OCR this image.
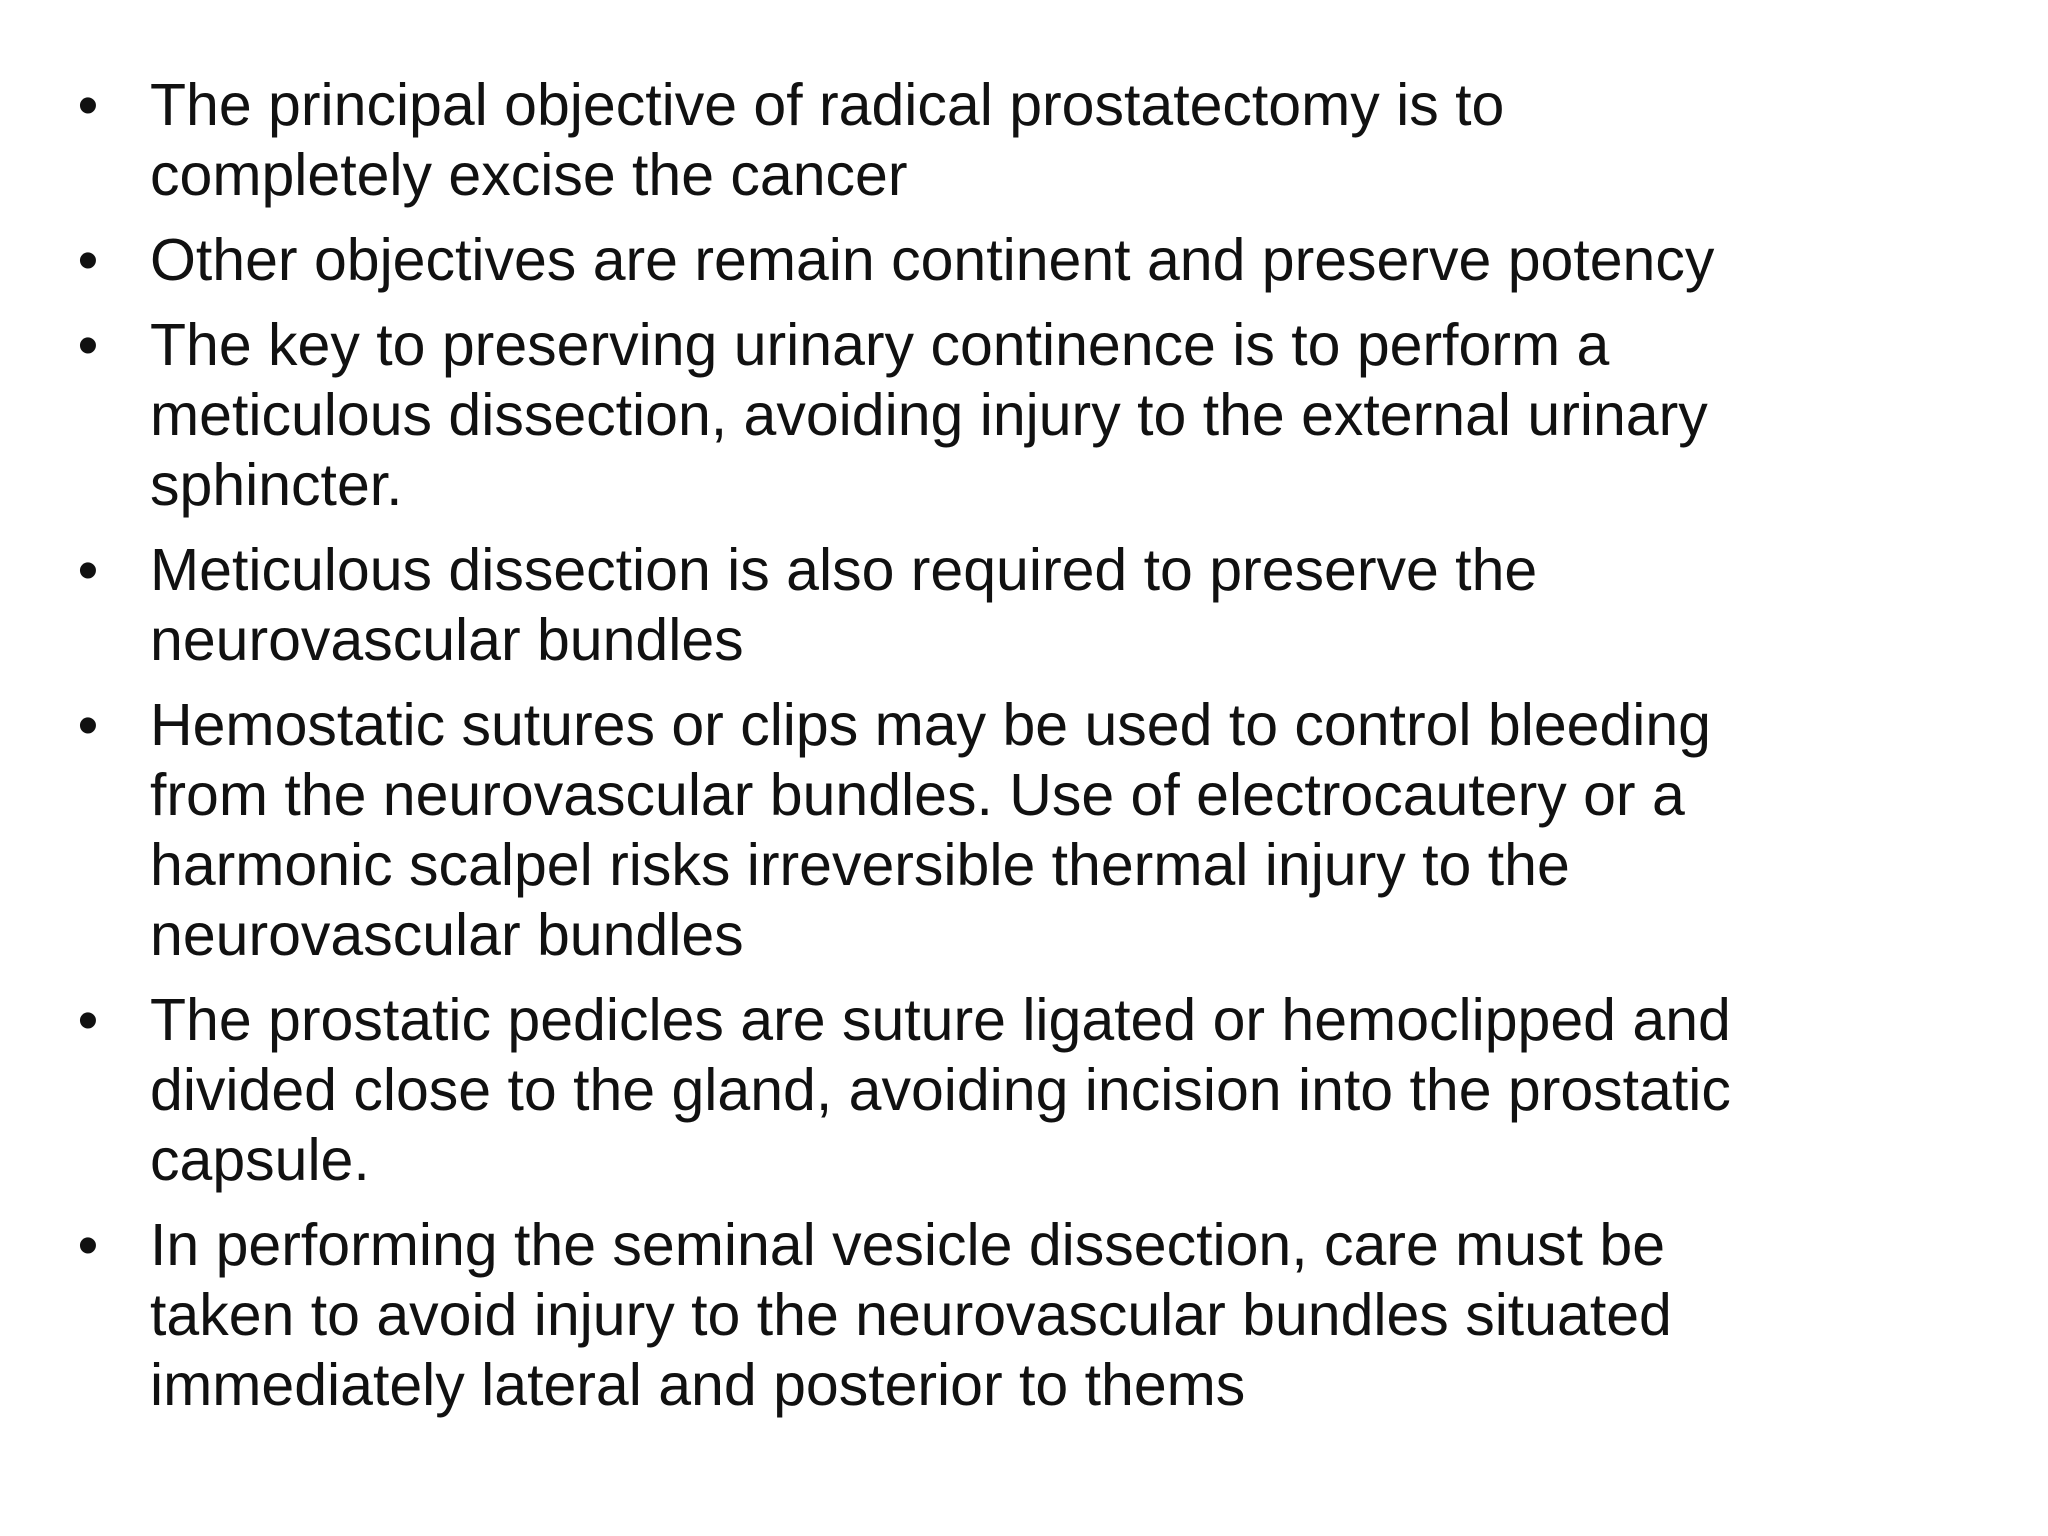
• The principal objective of radical prostatectomy is to
completely excise the cancer
• Other objectives are remain continent and preserve potency
• The key to preserving urinary continence is to perform a
meticulous dissection, avoiding injury to the external urinary
sphincter.
• Meticulous dissection is also required to preserve the
neurovascular bundles
• Hemostatic sutures or clips may be used to control bleeding
from the neurovascular bundles. Use of electrocautery or a
harmonic scalpel risks irreversible thermal injury to the
neurovascular bundles
• The prostatic pedicles are suture ligated or hemoclipped and
divided close to the gland, avoiding incision into the prostatic
capsule.
• In performing the seminal vesicle dissection, care must be
taken to avoid injury to the neurovascular bundles situated
immediately lateral and posterior to thems
